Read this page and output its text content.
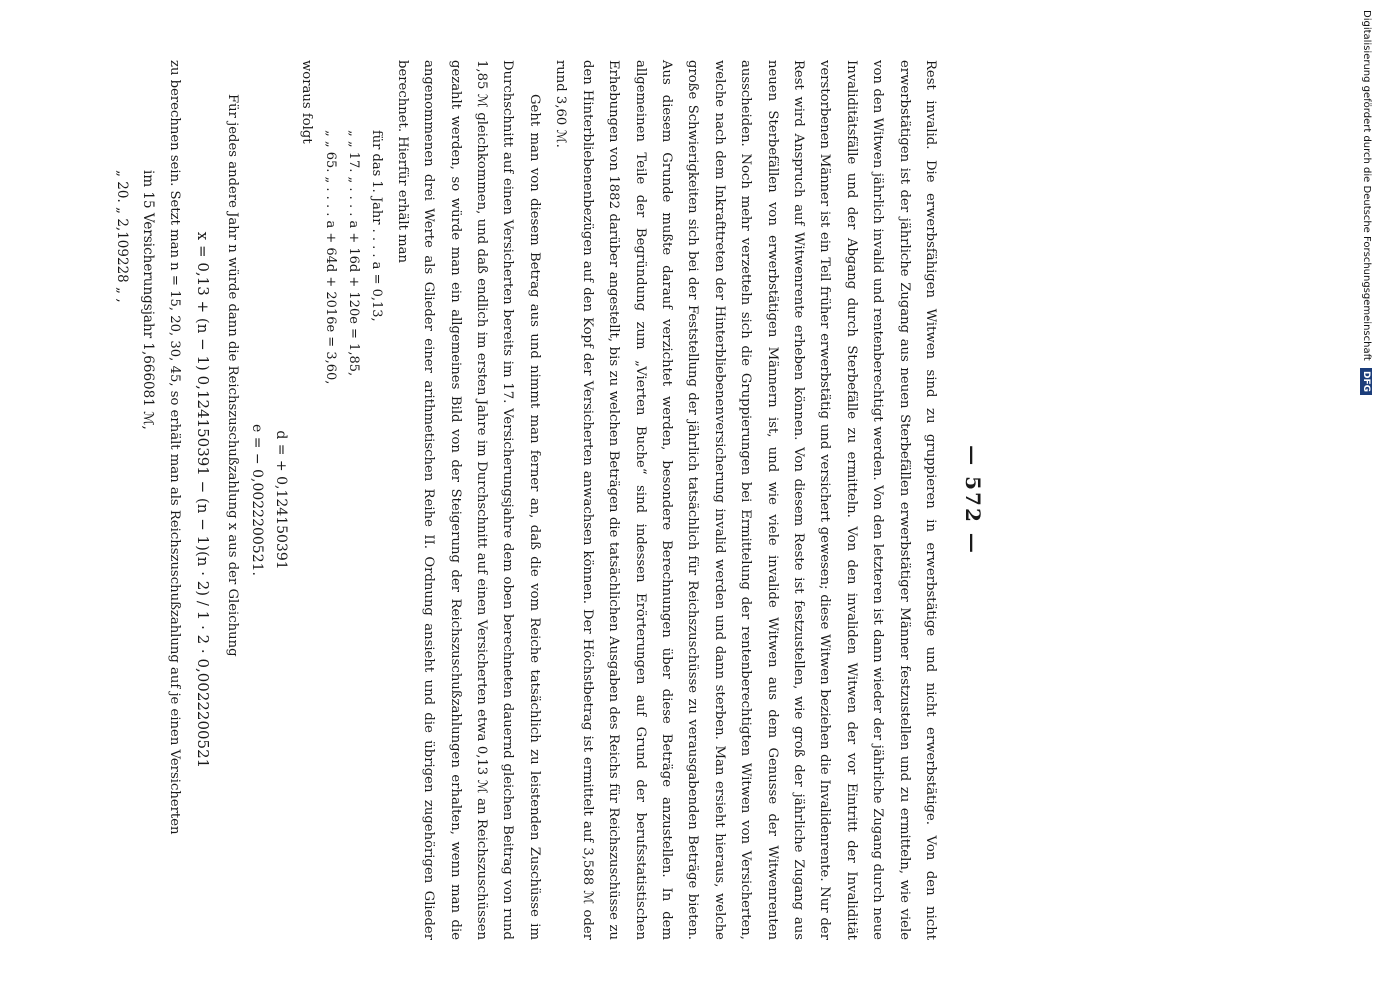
— 572 —

Rest invalid. Die erwerbsfähigen Witwen sind zu gruppieren in erwerbstätige und nicht erwerbstätige. Von den nicht erwerbstätigen ist der jährliche Zugang aus neuen Sterbefällen erwerbstätiger Männer festzustellen und zu ermitteln, wie viele von den Witwen jährlich invalid und rentenberechtigt werden. Von den letzteren ist dann wieder der jährliche Zugang durch neue Invaliditätsfälle und der Abgang durch Sterbefälle zu ermitteln. Von den invaliden Witwen der vor Eintritt der Invalidität verstorbenen Männer ist ein Teil früher erwerbstätig und versichert gewesen; diese Witwen beziehen die Invalidenrente. Nur der Rest wird Anspruch auf Witwenrente erheben können. Von diesem Reste ist festzustellen, wie groß der jährliche Zugang aus neuen Sterbefällen von erwerbstätigen Männern ist, und wie viele invalide Witwen aus dem Genusse der Witwenrenten ausscheiden. Noch mehr verzetteln sich die Gruppierungen bei Ermittelung der rentenberechtigten Witwen von Versicherten, welche nach dem Inkrafttreten der Hinterbliebenenversicherung invalid werden und dann sterben. Man ersieht hieraus, welche große Schwierigkeiten sich bei der Feststellung der jährlich tatsächlich für Reichszuschüsse zu verausgabenden Beträge bieten. Aus diesem Grunde mußte darauf verzichtet werden, besondere Berechnungen über diese Beträge anzustellen. In dem allgemeinen Teile der Begründung zum „Vierten Buche“ sind indessen Erörterungen auf Grund der berufsstatistischen Erhebungen von 1882 darüber angestellt, bis zu welchen Beträgen die tatsächlichen Ausgaben des Reichs für Reichszuschüsse zu den Hinterbliebenenbezügen auf den Kopf der Versicherten anwachsen können. Der Höchstbetrag ist ermittelt auf 3,588 ℳ oder rund 3,60 ℳ.

Geht man von diesem Betrag aus und nimmt man ferner an, daß die vom Reiche tatsächlich zu leistenden Zuschüsse im Durchschnitt auf einen Versicherten bereits im 17. Versicherungsjahre dem oben berechneten dauernd gleichen Beitrag von rund 1,85 ℳ gleichkommen, und daß endlich im ersten Jahre im Durchschnitt auf einen Versicherten etwa 0,13 ℳ an Reichszuschüssen gezahlt werden, so würde man ein allgemeines Bild von der Steigerung der Reichszuschußzahlungen erhalten, wenn man die angenommenen drei Werte als Glieder einer arithmetischen Reihe II. Ordnung ansieht und die übrigen zugehörigen Glieder berechnet. Hierfür erhält man

für das 1. Jahr . . . . a = 0,13,
„ „ 17. „ . . . . a + 16d + 120e = 1,85,
„ „ 65. „ . . . . a + 64d + 2016e = 3,60,
woraus folgt
d = + 0,124150391
e = − 0,0022200521.

Für jedes andere Jahr n würde dann die Reichszuschußzahlung x aus der Gleichung

x = 0,13 + (n − 1) 0,124150391 − (n − 1)(n · 2) / 1 · 2 · 0,0022200521

zu berechnen sein. Setzt man n = 15, 20, 30, 45, so erhält man als Reichszuschußzahlung auf je einen Versicherten

im 15 Versicherungsjahr 1,666081 ℳ,
„ 20. „ 2,109228 „ ,	Digitalisierung gefördert durch die Deutsche Forschungsgemeinschaft DFG
